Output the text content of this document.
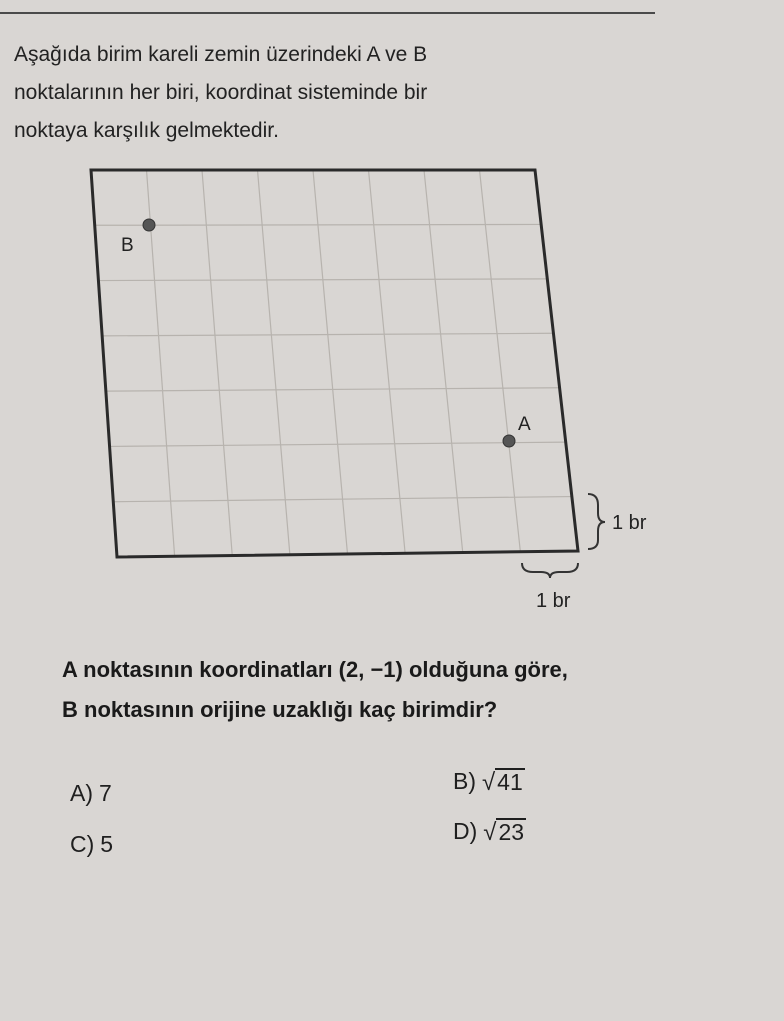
Aşağıda birim kareli zemin üzerindeki A ve B
noktalarının her biri, koordinat sisteminde bir
noktaya karşılık gelmektedir.
B
A
1 br
1 br
A noktasının koordinatları (2, −1) olduğuna göre,
B noktasının orijine uzaklığı kaç birimdir?
A) 7	B) √ 41
C) 5	D) √ 23
